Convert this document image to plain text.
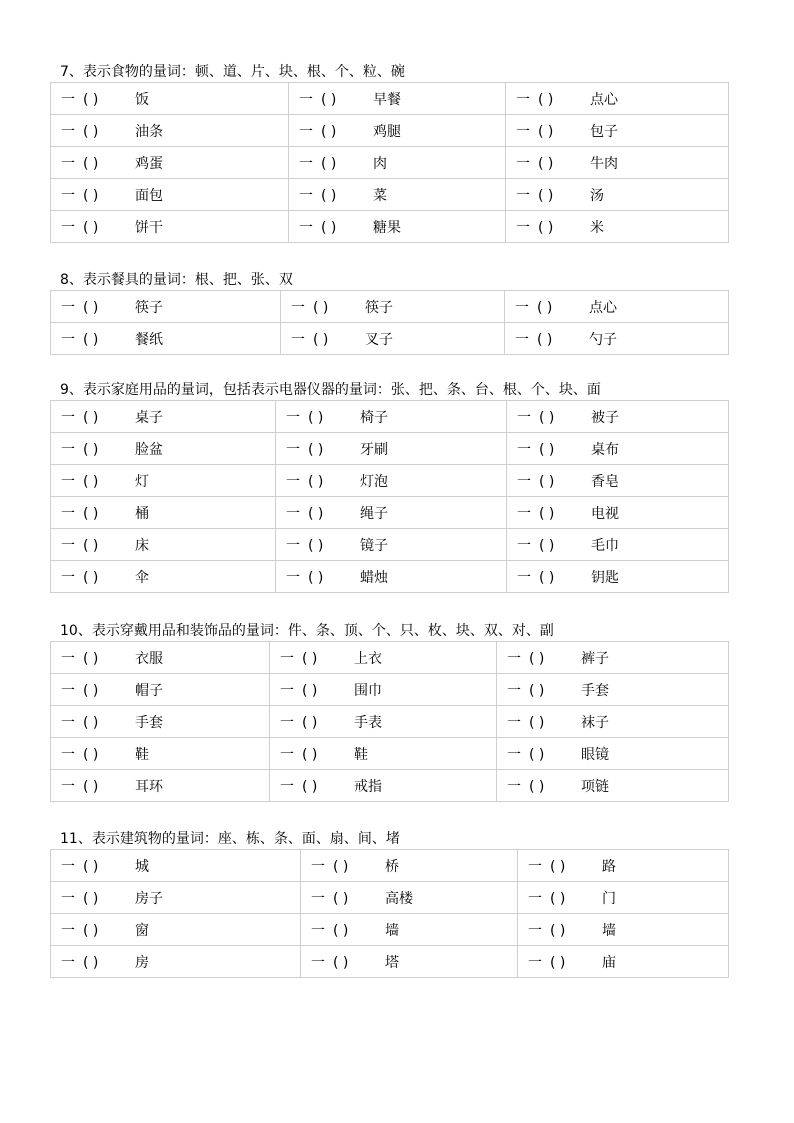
7、表示食物的量词：顿、道、片、块、根、个、粒、碗
一 ( ) 饭	一 ( ) 早餐	一 ( ) 点心
一 ( ) 油条	一 ( ) 鸡腿	一 ( ) 包子
一 ( ) 鸡蛋	一 ( ) 肉	一 ( ) 牛肉
一 ( ) 面包	一 ( ) 菜	一 ( ) 汤
一 ( ) 饼干	一 ( ) 糖果	一 ( ) 米
8、表示餐具的量词：根、把、张、双
一 ( ) 筷子	一 ( ) 筷子	一 ( ) 点心
一 ( ) 餐纸	一 ( ) 叉子	一 ( ) 勺子
9、表示家庭用品的量词，包括表示电器仪器的量词：张、把、条、台、根、个、块、面
一 ( ) 桌子	一 ( ) 椅子	一 ( ) 被子
一 ( ) 脸盆	一 ( ) 牙刷	一 ( ) 桌布
一 ( ) 灯	一 ( ) 灯泡	一 ( ) 香皂
一 ( ) 桶	一 ( ) 绳子	一 ( ) 电视
一 ( ) 床	一 ( ) 镜子	一 ( ) 毛巾
一 ( ) 伞	一 ( ) 蜡烛	一 ( ) 钥匙
10、表示穿戴用品和装饰品的量词：件、条、顶、个、只、枚、块、双、对、副
一 ( ) 衣服	一 ( ) 上衣	一 ( ) 裤子
一 ( ) 帽子	一 ( ) 围巾	一 ( ) 手套
一 ( ) 手套	一 ( ) 手表	一 ( ) 袜子
一 ( ) 鞋	一 ( ) 鞋	一 ( ) 眼镜
一 ( ) 耳环	一 ( ) 戒指	一 ( ) 项链
11、表示建筑物的量词：座、栋、条、面、扇、间、堵
一 ( ) 城	一 ( ) 桥	一 ( ) 路
一 ( ) 房子	一 ( ) 高楼	一 ( ) 门
一 ( ) 窗	一 ( ) 墙	一 ( ) 墙
一 ( ) 房	一 ( ) 塔	一 ( ) 庙
